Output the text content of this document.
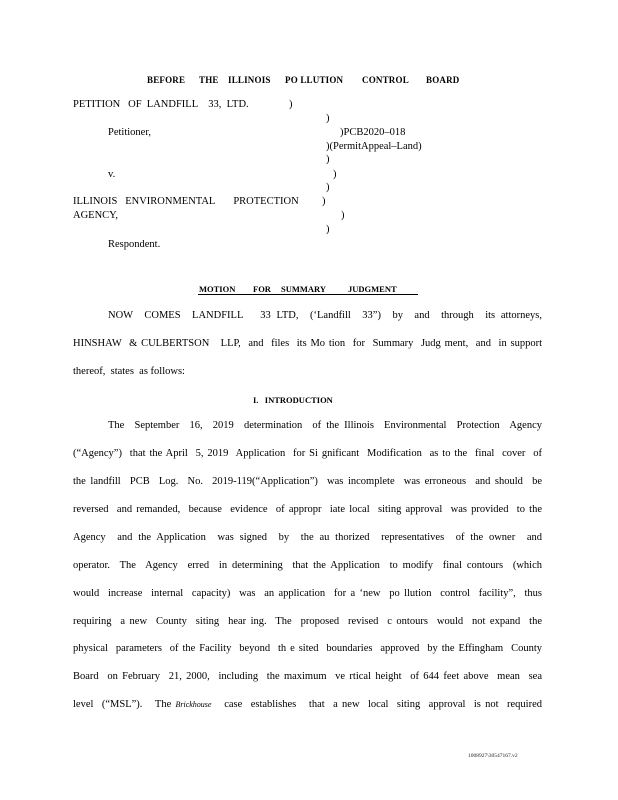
BEFORE THE ILLINOIS PO LLUTION CONTROL BOARD
PETITION   OF  LANDFILL    33,  LTD.	)
)
Petitioner,	)PCB2020–018
)(PermitAppeal–Land)
)
v.	)
)
ILLINOIS   ENVIRONMENTAL       PROTECTION )
AGENCY,	)
)
Respondent.
MOTION FOR SUMMARY	JUDGMENT
NOW  COMES  LANDFILL   33 LTD,  (‘Landfill  33”)  by  and  through  its attorneys,
HINSHAW  & CULBERTSON   LLP,  and  files  its Mo tion  for  Summary  Judg ment,  and  in support
thereof,  states  as follows:
I.   INTRODUCTION
The  September  16,  2019  determination  of the Illinois  Environmental  Protection  Agency
(“Agency”)  that the April  5, 2019  Application  for Si gnificant  Modification  as to the  final  cover  of
the landfill  PCB  Log.  No.  2019-119(“Application”)  was incomplete  was erroneous  and should  be
reversed  and remanded,  because  evidence  of appropr  iate local  siting approval  was provided  to the
Agency  and the Application  was signed  by  the au thorized  representatives  of the owner  and
operator.  The  Agency  erred  in determining  that the Application  to modify  final contours  (which
would  increase  internal  capacity)  was  an application  for a ‘new  po llution  control  facility”,  thus
requiring  a new  County  siting  hear ing.  The  proposed  revised  c ontours  would  not expand  the
physical  parameters  of the Facility  beyond  th e sited  boundaries  approved  by the Effingham  County
Board  on February  21, 2000,  including  the maximum  ve rtical height  of 644 feet above  mean  sea
level  (“MSL”).   The Brickhouse   case  establishes   that  a new  local  siting  approval  is not  required
1008927\30547167.v2
